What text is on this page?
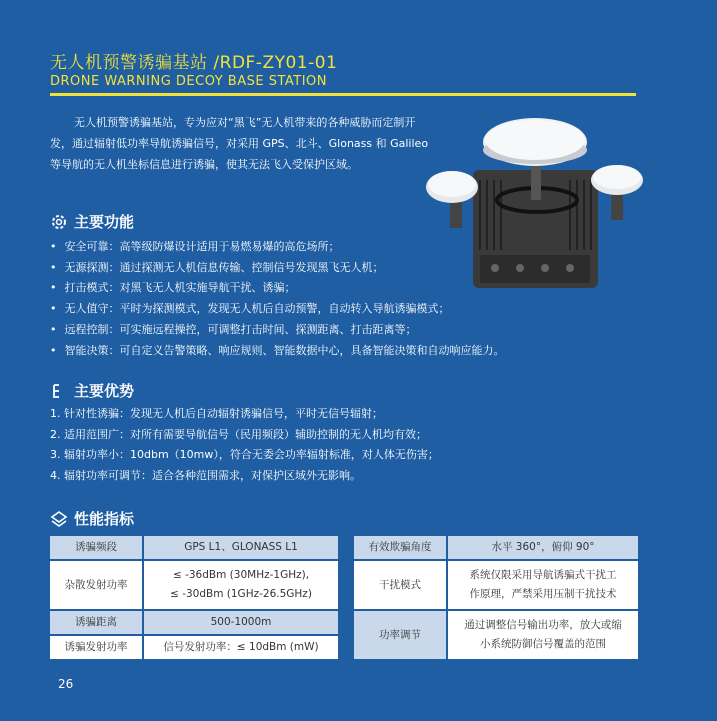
无人机预警诱骗基站 /RDF-ZY01-01
DRONE WARNING DECOY BASE STATION

无人机预警诱骗基站，专为应对“黑飞”无人机带来的各种威胁而定制开发，通过辐射低功率导航诱骗信号，对采用 GPS、北斗、Glonass 和 Galileo 等导航的无人机坐标信息进行诱骗，使其无法飞入受保护区域。

主要功能
• 安全可靠：高等级防爆设计适用于易燃易爆的高危场所；
• 无源探测：通过探测无人机信息传输、控制信号发现黑飞无人机；
• 打击模式：对黑飞无人机实施导航干扰、诱骗；
• 无人值守：平时为探测模式，发现无人机后自动预警，自动转入导航诱骗模式；
• 远程控制：可实施远程操控，可调整打击时间、探测距离、打击距离等；
• 智能决策：可自定义告警策略、响应规则、智能数据中心，具备智能决策和自动响应能力。
主要优势
1. 针对性诱骗：发现无人机后自动辐射诱骗信号，平时无信号辐射；
2. 适用范围广：对所有需要导航信号（民用频段）辅助控制的无人机均有效；
3. 辐射功率小：10dbm（10mw），符合无委会功率辐射标准，对人体无伤害；
4. 辐射功率可调节：适合各种范围需求，对保护区域外无影响。
性能指标
诱骗频段	GPS L1、GLONASS L1
杂散发射功率	≤ -36dBm (30MHz-1GHz),
≤ -30dBm (1GHz-26.5GHz)

诱骗距离	500-1000m
诱骗发射功率	信号发射功率：≤ 10dBm (mW)
有效欺骗角度	水平 360°，俯仰 90°
干扰模式	系统仅限采用导航诱骗式干扰工
作原理，严禁采用压制干扰技术

功率调节	通过调整信号输出功率，放大或缩
小系统防御信号覆盖的范围
26
